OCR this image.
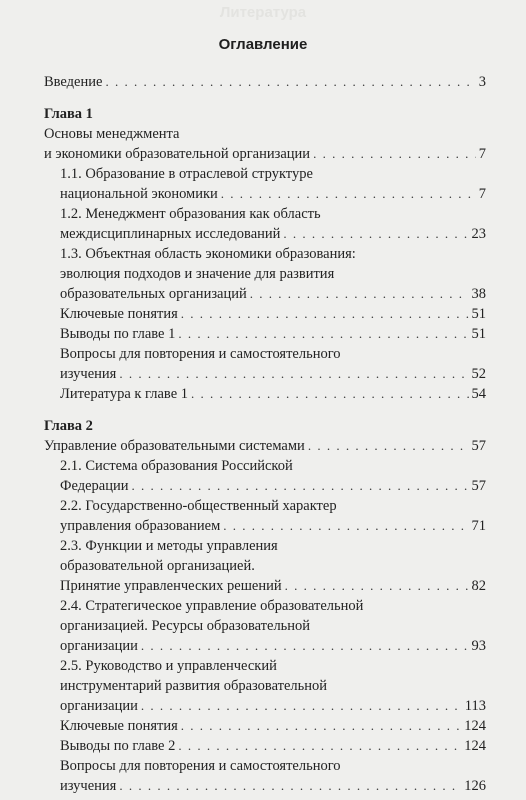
Литература
Оглавление
Введение . . .	3
Глава 1
Основы менеджмента
и экономики образовательной организации . . .	7
1.1. Образование в отраслевой структуре
национальной экономики . . .	7
1.2. Менеджмент образования как область
междисциплинарных исследований . . .	23
1.3. Объектная область экономики образования:
эволюция подходов и значение для развития
образовательных организаций . . .	38
Ключевые понятия . . .	51
Выводы по главе 1 . . .	51
Вопросы для повторения и самостоятельного
изучения . . .	52
Литература к главе 1 . . .	54
Глава 2
Управление образовательными системами . . .	57
2.1. Система образования Российской
Федерации . . .	57
2.2. Государственно-общественный характер
управления образованием . . .	71
2.3. Функции и методы управления
образовательной организацией.
Принятие управленческих решений . . .	82
2.4. Стратегическое управление образовательной
организацией. Ресурсы образовательной
организации . . .	93
2.5. Руководство и управленческий
инструментарий развития образовательной
организации . . .	113
Ключевые понятия . . .	124
Выводы по главе 2 . . .	124
Вопросы для повторения и самостоятельного
изучения . . .	126
